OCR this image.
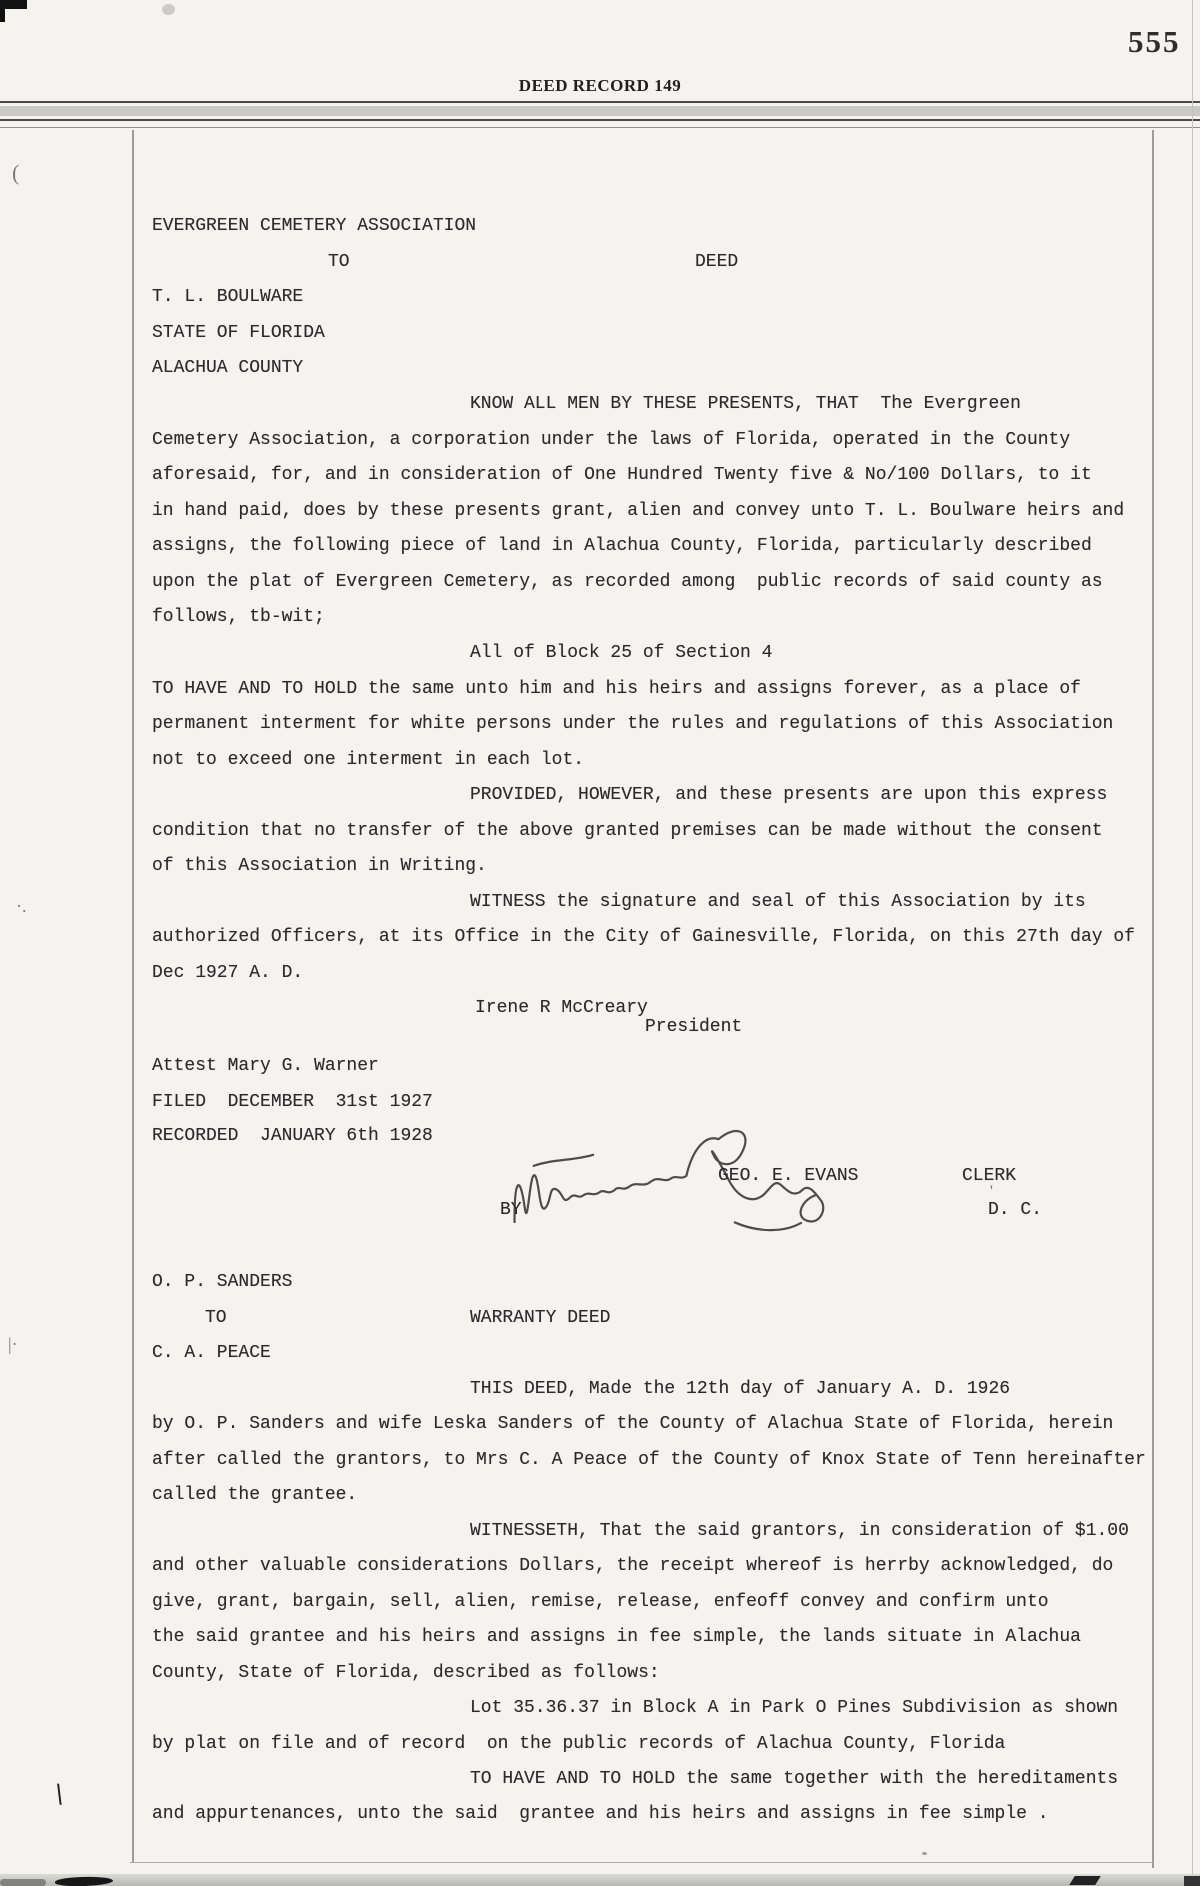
555
DEED RECORD 149
EVERGREEN CEMETERY ASSOCIATION
TO	DEED
T. L. BOULWARE
STATE OF FLORIDA
ALACHUA COUNTY
KNOW ALL MEN BY THESE PRESENTS, THAT  The Evergreen
Cemetery Association, a corporation under the laws of Florida, operated in the County
aforesaid, for, and in consideration of One Hundred Twenty five & No/100 Dollars, to it
in hand paid, does by these presents grant, alien and convey unto T. L. Boulware heirs and
assigns, the following piece of land in Alachua County, Florida, particularly described
upon the plat of Evergreen Cemetery, as recorded among  public records of said county as
follows, tb-wit;
All of Block 25 of Section 4
TO HAVE AND TO HOLD the same unto him and his heirs and assigns forever, as a place of
permanent interment for white persons under the rules and regulations of this Association
not to exceed one interment in each lot.
PROVIDED, HOWEVER, and these presents are upon this express
condition that no transfer of the above granted premises can be made without the consent
of this Association in Writing.
WITNESS the signature and seal of this Association by its
authorized Officers, at its Office in the City of Gainesville, Florida, on this 27th day of
Dec 1927 A. D.
Irene R McCreary
President
Attest Mary G. Warner
FILED  DECEMBER  31st 1927
RECORDED  JANUARY 6th 1928
GEO. E. EVANS	CLERK
BY	D. C.
'
O. P. SANDERS
TO	WARRANTY DEED
C. A. PEACE
THIS DEED, Made the 12th day of January A. D. 1926
by O. P. Sanders and wife Leska Sanders of the County of Alachua State of Florida, herein
after called the grantors, to Mrs C. A Peace of the County of Knox State of Tenn hereinafter
called the grantee.
WITNESSETH, That the said grantors, in consideration of $1.00
and other valuable considerations Dollars, the receipt whereof is herrby acknowledged, do
give, grant, bargain, sell, alien, remise, release, enfeoff convey and confirm unto
the said grantee and his heirs and assigns in fee simple, the lands situate in Alachua
County, State of Florida, described as follows:
Lot 35.36.37 in Block A in Park O Pines Subdivision as shown
by plat on file and of record  on the public records of Alachua County, Florida
TO HAVE AND TO HOLD the same together with the hereditaments
and appurtenances, unto the said  grantee and his heirs and assigns in fee simple .
(
·.
|·
\
